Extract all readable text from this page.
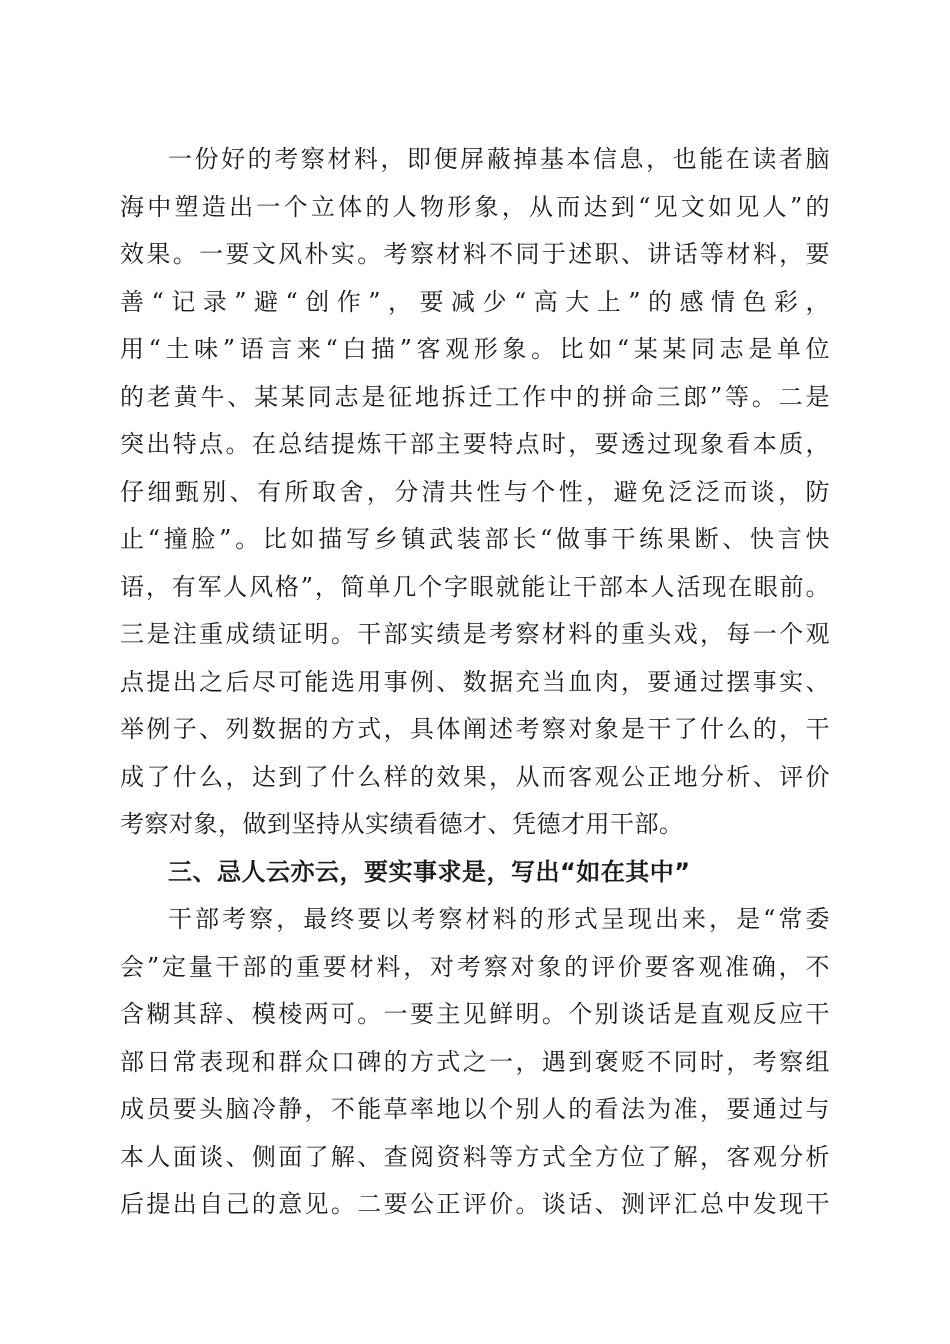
一份好的考察材料，即便屏蔽掉基本信息，也能在读者脑
海中塑造出一个立体的人物形象，从而达到“见文如见人”的
效果。一要文风朴实。考察材料不同于述职、讲话等材料，要
善“记录”避“创作”，要减少“高大上”的感情色彩，
用“土味”语言来“白描”客观形象。比如“某某同志是单位
的老黄牛、某某同志是征地拆迁工作中的拼命三郎”等。二是
突出特点。在总结提炼干部主要特点时，要透过现象看本质，
仔细甄别、有所取舍，分清共性与个性，避免泛泛而谈，防
止“撞脸”。比如描写乡镇武装部长“做事干练果断、快言快
语，有军人风格”，简单几个字眼就能让干部本人活现在眼前。
三是注重成绩证明。干部实绩是考察材料的重头戏，每一个观
点提出之后尽可能选用事例、数据充当血肉，要通过摆事实、
举例子、列数据的方式，具体阐述考察对象是干了什么的，干
成了什么，达到了什么样的效果，从而客观公正地分析、评价
考察对象，做到坚持从实绩看德才、凭德才用干部。
三、忌人云亦云，要实事求是，写出“如在其中”
干部考察，最终要以考察材料的形式呈现出来，是“常委
会”定量干部的重要材料，对考察对象的评价要客观准确，不
含糊其辞、模棱两可。一要主见鲜明。个别谈话是直观反应干
部日常表现和群众口碑的方式之一，遇到褒贬不同时，考察组
成员要头脑冷静，不能草率地以个别人的看法为准，要通过与
本人面谈、侧面了解、查阅资料等方式全方位了解，客观分析
后提出自己的意见。二要公正评价。谈话、测评汇总中发现干
